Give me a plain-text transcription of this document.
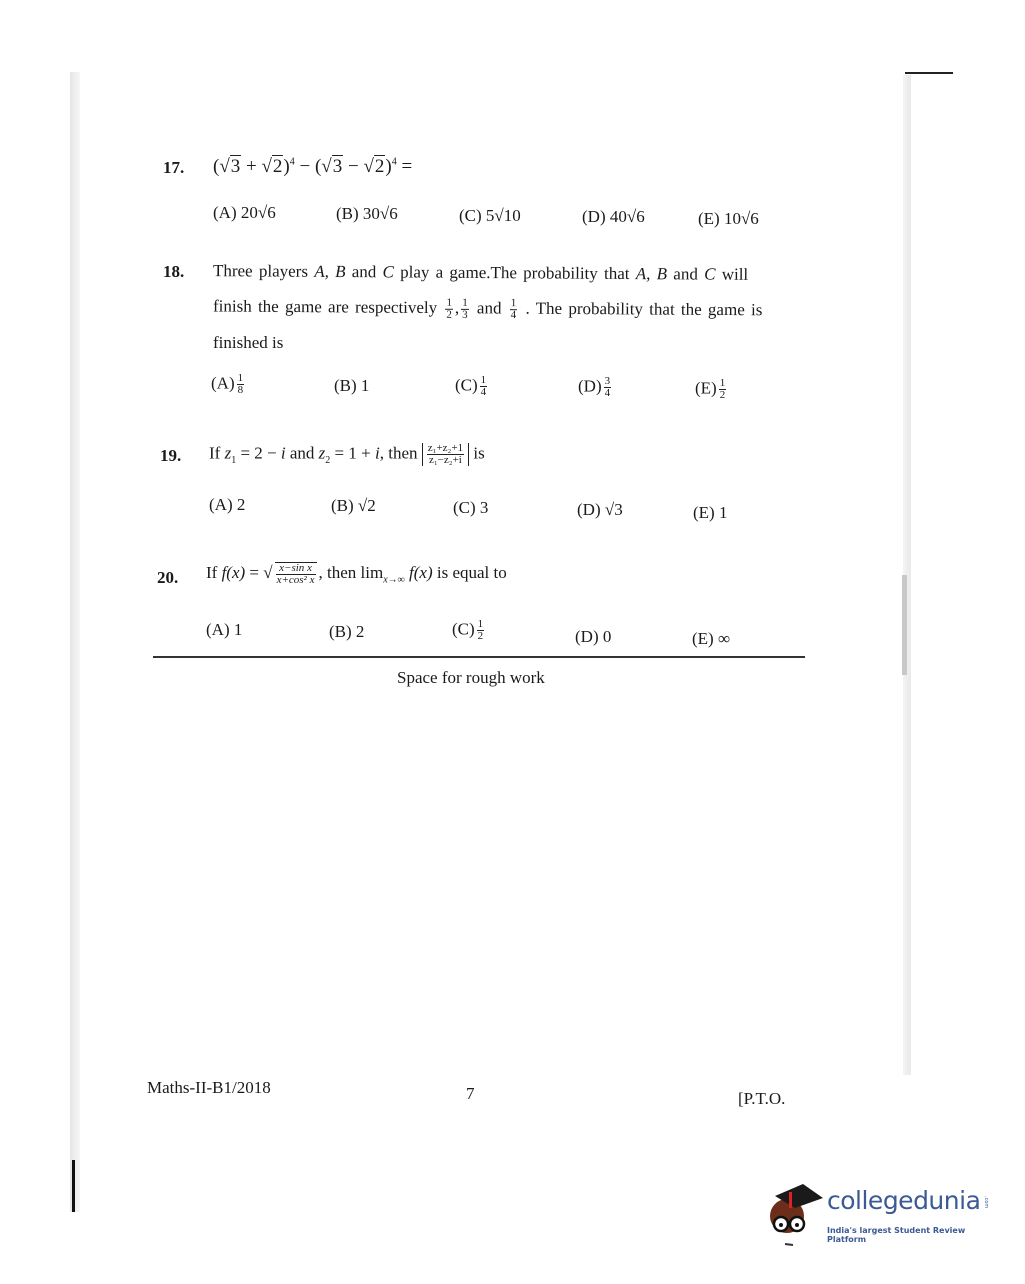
17. $(√3 + √2)^4 - (√3 - √2)^4$ =
(A) 20√6	(B) 30√6	(C) 5√10	(D) 40√6	(E) 10√6
18. Three players A, B and C play a game.The probability that A, B and C will
finish the game are respectively $\frac{1}{2}$ , $\frac{1}{3}$ and $\frac{1}{4}$ . The probability that the game is
finished is
$(A) \frac{1}{8}$	(B) 1	$(C) \frac{1}{4}$	$(D) \frac{3}{4}$	$(E) \frac{1}{2}$
19. If $z_1 = 2 - i$ and $z_2 = 1 + i$, then $\frac{\text{z₁+z₂+1}}{\text{z₁−z₂+i}}$ is
(A) 2	(B) √2	(C) 3	(D) √3	(E) 1
20. If f(x) = √ $\frac{\text{x−sin x}}{\text{x+cos² x}}$ , then $\lim_{x\to\infty} f(x)$ is equal to
(A) 1	(B) 2	$(C) \frac{1}{2}$	(D) 0	(E) ∞
Space for rough work
Maths-II-B1/2018	7	[P.T.O.
collegedunia .com
India's largest Student Review Platform
